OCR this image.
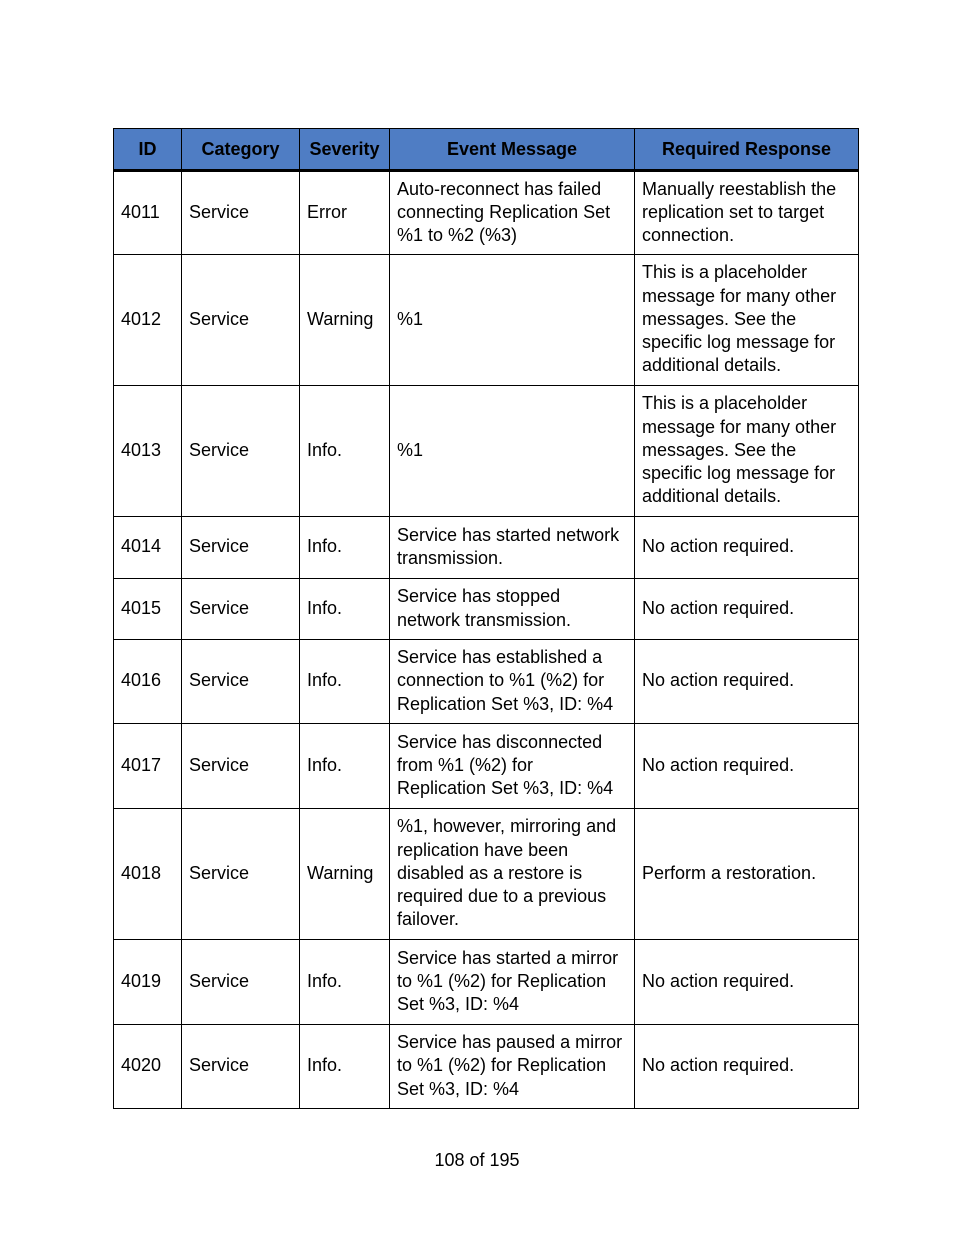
ID	Category	Severity	Event Message	Required Response
4011	Service	Error	Auto-reconnect has failed connecting Replication Set %1 to %2 (%3)	Manually reestablish the replication set to target connection.
4012	Service	Warning	%1	This is a placeholder message for many other messages. See the specific log message for additional details.
4013	Service	Info.	%1	This is a placeholder message for many other messages. See the specific log message for additional details.
4014	Service	Info.	Service has started network transmission.	No action required.
4015	Service	Info.	Service has stopped network transmission.	No action required.
4016	Service	Info.	Service has established a connection to %1 (%2) for Replication Set %3, ID: %4	No action required.
4017	Service	Info.	Service has disconnected from %1 (%2) for Replication Set %3, ID: %4	No action required.
4018	Service	Warning	%1, however, mirroring and replication have been disabled as a restore is required due to a previous failover.	Perform a restoration.
4019	Service	Info.	Service has started a mirror to %1 (%2) for Replication Set %3, ID: %4	No action required.
4020	Service	Info.	Service has paused a mirror to %1 (%2) for Replication Set %3, ID: %4	No action required.
108 of 195
